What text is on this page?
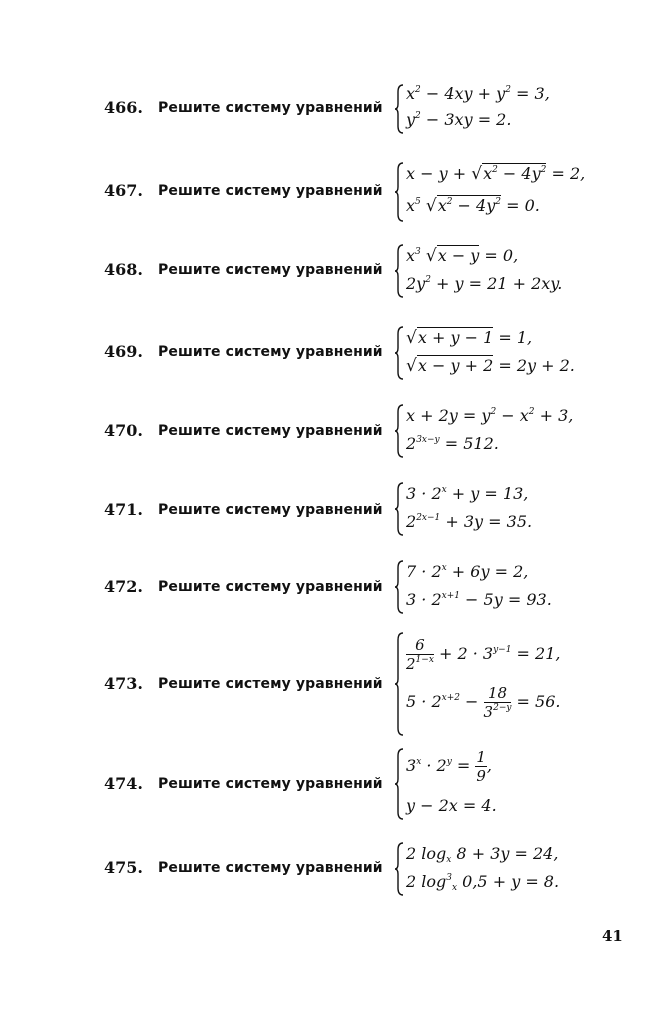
466. Решите систему уравнений
$x^2 - 4xy + y^2 = 3$,
$y^2 - 3xy = 2$.
467. Решите систему уравнений
$x - y + √x^2 - 4y^2 = 2$,
$x^5$ $√x^2 - 4y^2 = 0$.
468. Решите систему уравнений
$x^3$ √x − y = 0,
$2y^2 + y = 21 + 2xy$.
469. Решите систему уравнений
√x + y − 1 = 1,
√x − y + 2 = 2y + 2.
470. Решите систему уравнений
$x + 2y = y^2 - x^2 + 3$,
$2^{3x-y} = 512$.
471. Решите систему уравнений
$3 \cdot 2^x + y = 13$,
$2^{2x-1} + 3y = 35$.
472. Решите систему уравнений
$7 \cdot 2^x + 6y = 2$,
$3 \cdot 2^{x+1} - 5y = 93$.
473. Решите систему уравнений
$\frac{6}{2^{1-x}} + 2 \cdot 3^{y-1} = 21$,
$5 \cdot 2^{x+2} - \frac{18}{3^{2-y}} = 56$.
474. Решите систему уравнений
$3^x \cdot 2^y = \frac{1}{9}$ ,
y − 2x = 4.
475. Решите систему уравнений
2 $\log_x 8 + 3y = 24$,
2 $\log^3_x 0,5 + y = 8$.
41
